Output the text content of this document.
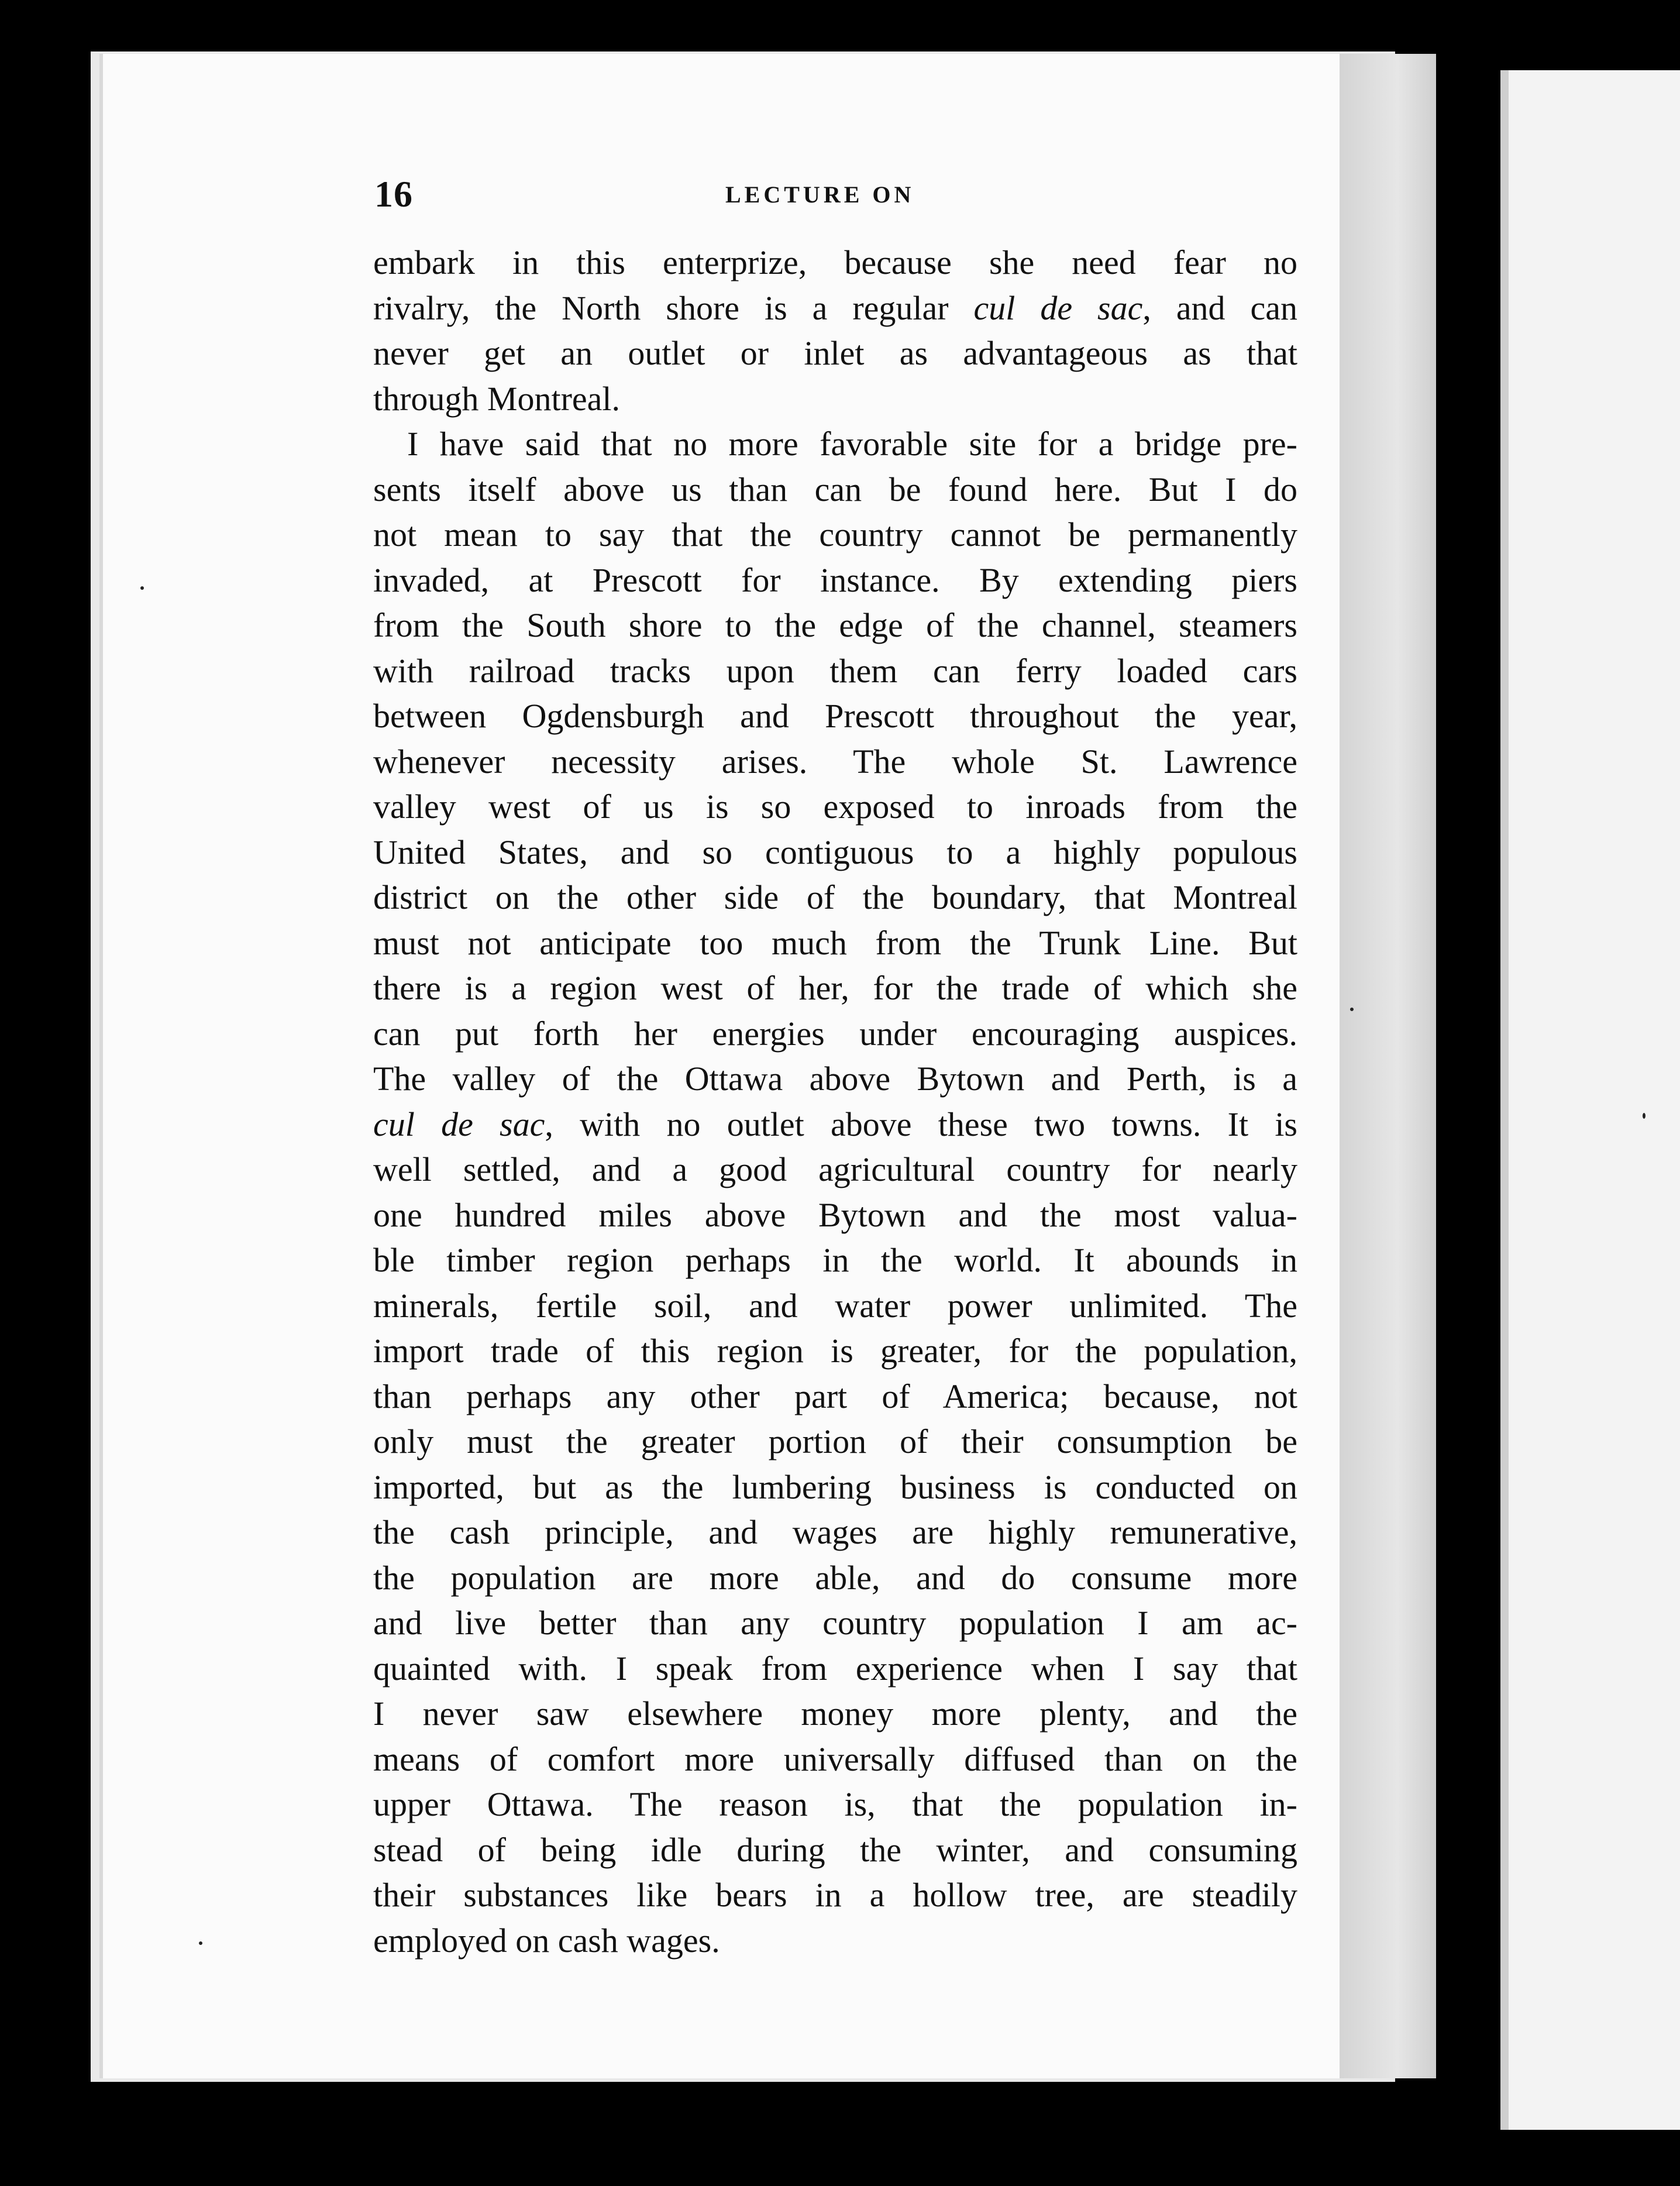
16	LECTURE ON
embark in this enterprize, because she need fear no
rivalry, the North shore is a regular cul de sac, and can
never get an outlet or inlet as advantageous as that
through Montreal.
I have said that no more favorable site for a bridge pre-
sents itself above us than can be found here. But I do
not mean to say that the country cannot be permanently
invaded, at Prescott for instance. By extending piers
from the South shore to the edge of the channel, steamers
with railroad tracks upon them can ferry loaded cars
between Ogdensburgh and Prescott throughout the year,
whenever necessity arises. The whole St. Lawrence
valley west of us is so exposed to inroads from the
United States, and so contiguous to a highly populous
district on the other side of the boundary, that Montreal
must not anticipate too much from the Trunk Line. But
there is a region west of her, for the trade of which she
can put forth her energies under encouraging auspices.
The valley of the Ottawa above Bytown and Perth, is a
cul de sac, with no outlet above these two towns. It is
well settled, and a good agricultural country for nearly
one hundred miles above Bytown and the most valua-
ble timber region perhaps in the world. It abounds in
minerals, fertile soil, and water power unlimited. The
import trade of this region is greater, for the population,
than perhaps any other part of America; because, not
only must the greater portion of their consumption be
imported, but as the lumbering business is conducted on
the cash principle, and wages are highly remunerative,
the population are more able, and do consume more
and live better than any country population I am ac-
quainted with. I speak from experience when I say that
I never saw elsewhere money more plenty, and the
means of comfort more universally diffused than on the
upper Ottawa. The reason is, that the population in-
stead of being idle during the winter, and consuming
their substances like bears in a hollow tree, are steadily
employed on cash wages.
